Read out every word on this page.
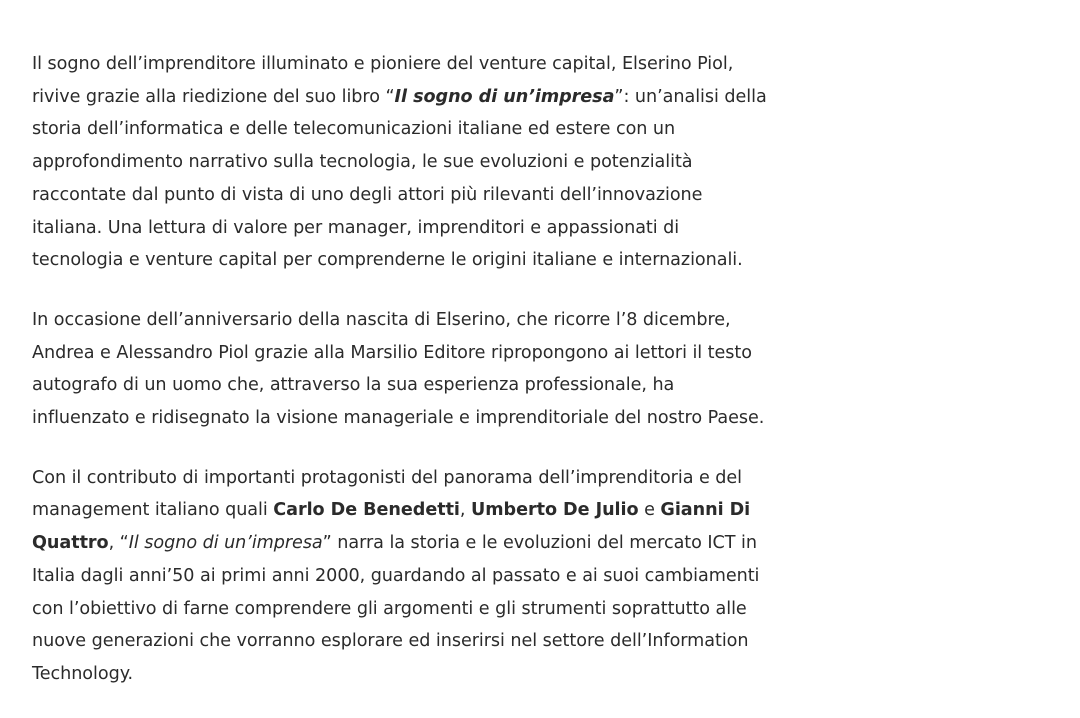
Il sogno dell’imprenditore illuminato e pioniere del venture capital, Elserino Piol, rivive grazie alla riedizione del suo libro “Il sogno di un’impresa”: un’analisi della storia dell’informatica e delle telecomunicazioni italiane ed estere con un approfondimento narrativo sulla tecnologia, le sue evoluzioni e potenzialità raccontate dal punto di vista di uno degli attori più rilevanti dell’innovazione italiana. Una lettura di valore per manager, imprenditori e appassionati di tecnologia e venture capital per comprenderne le origini italiane e internazionali.

In occasione dell’anniversario della nascita di Elserino, che ricorre l’8 dicembre, Andrea e Alessandro Piol grazie alla Marsilio Editore ripropongono ai lettori il testo autografo di un uomo che, attraverso la sua esperienza professionale, ha influenzato e ridisegnato la visione manageriale e imprenditoriale del nostro Paese.

Con il contributo di importanti protagonisti del panorama dell’imprenditoria e del management italiano quali Carlo De Benedetti, Umberto De Julio e Gianni Di Quattro, “Il sogno di un’impresa” narra la storia e le evoluzioni del mercato ICT in Italia dagli anni’50 ai primi anni 2000, guardando al passato e ai suoi cambiamenti con l’obiettivo di farne comprendere gli argomenti e gli strumenti soprattutto alle nuove generazioni che vorranno esplorare ed inserirsi nel settore dell’Information Technology.
